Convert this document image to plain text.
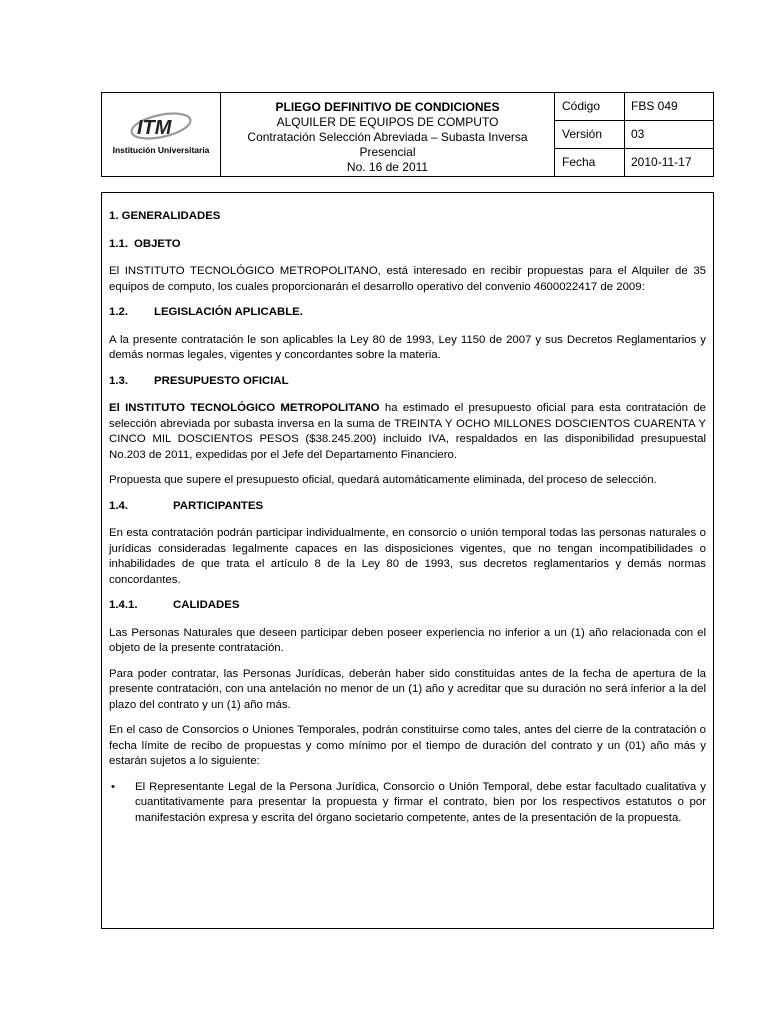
ITM
Institución Universitaria
PLIEGO DEFINITIVO DE CONDICIONES
ALQUILER DE EQUIPOS DE COMPUTO
Contratación Selección Abreviada – Subasta Inversa Presencial
No. 16 de 2011
Código	FBS 049
Versión	03
Fecha	2010-11-17
1. GENERALIDADES
1.1. OBJETO

El INSTITUTO TECNOLÓGICO METROPOLITANO, está interesado en recibir propuestas para el Alquiler de 35 equipos de computo, los cuales proporcionarán el desarrollo operativo del convenio 4600022417 de 2009:

1.2. LEGISLACIÓN APLICABLE.

A la presente contratación le son aplicables la Ley 80 de 1993, Ley 1150 de 2007 y sus Decretos Reglamentarios y demás normas legales, vigentes y concordantes sobre la materia.

1.3. PRESUPUESTO OFICIAL

El INSTITUTO TECNOLÓGICO METROPOLITANO ha estimado el presupuesto oficial para esta contratación de selección abreviada por subasta inversa en la suma de TREINTA Y OCHO MILLONES DOSCIENTOS CUARENTA Y CINCO MIL DOSCIENTOS PESOS ($38.245.200) incluido IVA, respaldados en las disponibilidad presupuestal No.203 de 2011, expedidas por el Jefe del Departamento Financiero.

Propuesta que supere el presupuesto oficial, quedará automáticamente eliminada, del proceso de selección.

1.4.	PARTICIPANTES

En esta contratación podrán participar individualmente, en consorcio o unión temporal todas las personas naturales o jurídicas consideradas legalmente capaces en las disposiciones vigentes, que no tengan incompatibilidades o inhabilidades de que trata el artículo 8 de la Ley 80 de 1993, sus decretos reglamentarios y demás normas concordantes.

1.4.1.	CALIDADES

Las Personas Naturales que deseen participar deben poseer experiencia no inferior a un (1) año relacionada con el objeto de la presente contratación.

Para poder contratar, las Personas Jurídicas, deberán haber sido constituidas antes de la fecha de apertura de la presente contratación, con una antelación no menor de un (1) año y acreditar que su duración no será inferior a la del plazo del contrato y un (1) año más.

En el caso de Consorcios o Uniones Temporales, podrán constituirse como tales, antes del cierre de la contratación o fecha límite de recibo de propuestas y como mínimo por el tiempo de duración del contrato y un (01) año más y estarán sujetos a lo siguiente:

•	El Representante Legal de la Persona Jurídica, Consorcio o Unión Temporal, debe estar facultado cualitativa y cuantitativamente para presentar la propuesta y firmar el contrato, bien por los respectivos estatutos o por manifestación expresa y escrita del órgano societario competente, antes de la presentación de la propuesta.
